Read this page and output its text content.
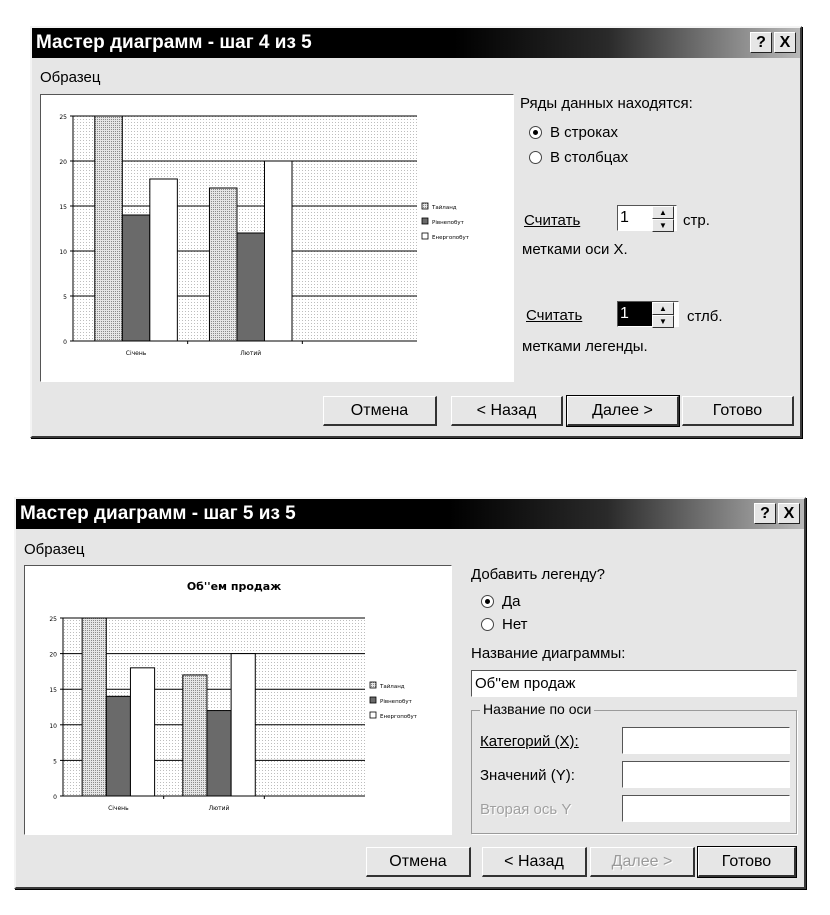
Мастер диаграмм - шаг 4 из 5	? X
Образец
0
5
10
15
20
25
Січень	Лютий
Тайланд
Рівнепобут
Енергопобут
Ряды данных находятся:
В строках
В столбцах
Считать 1	▲
▼	стр.
метками оси X.
Считать 1	▲
▼	стлб.
метками легенды.
Отмена	< Назад	Далее >	Готово
Мастер диаграмм - шаг 5 из 5	? X
Образец
Об''ем продаж
0
5
10
15
20
25
Січень	Лютий
Тайланд
Рівнепобут
Енергопобут
Добавить легенду?
Да
Нет
Название диаграммы:
Об''ем продаж
Название по оси
Категорий (X):
Значений (Y):
Вторая ось Y
Отмена	< Назад	Далее >	Готово
